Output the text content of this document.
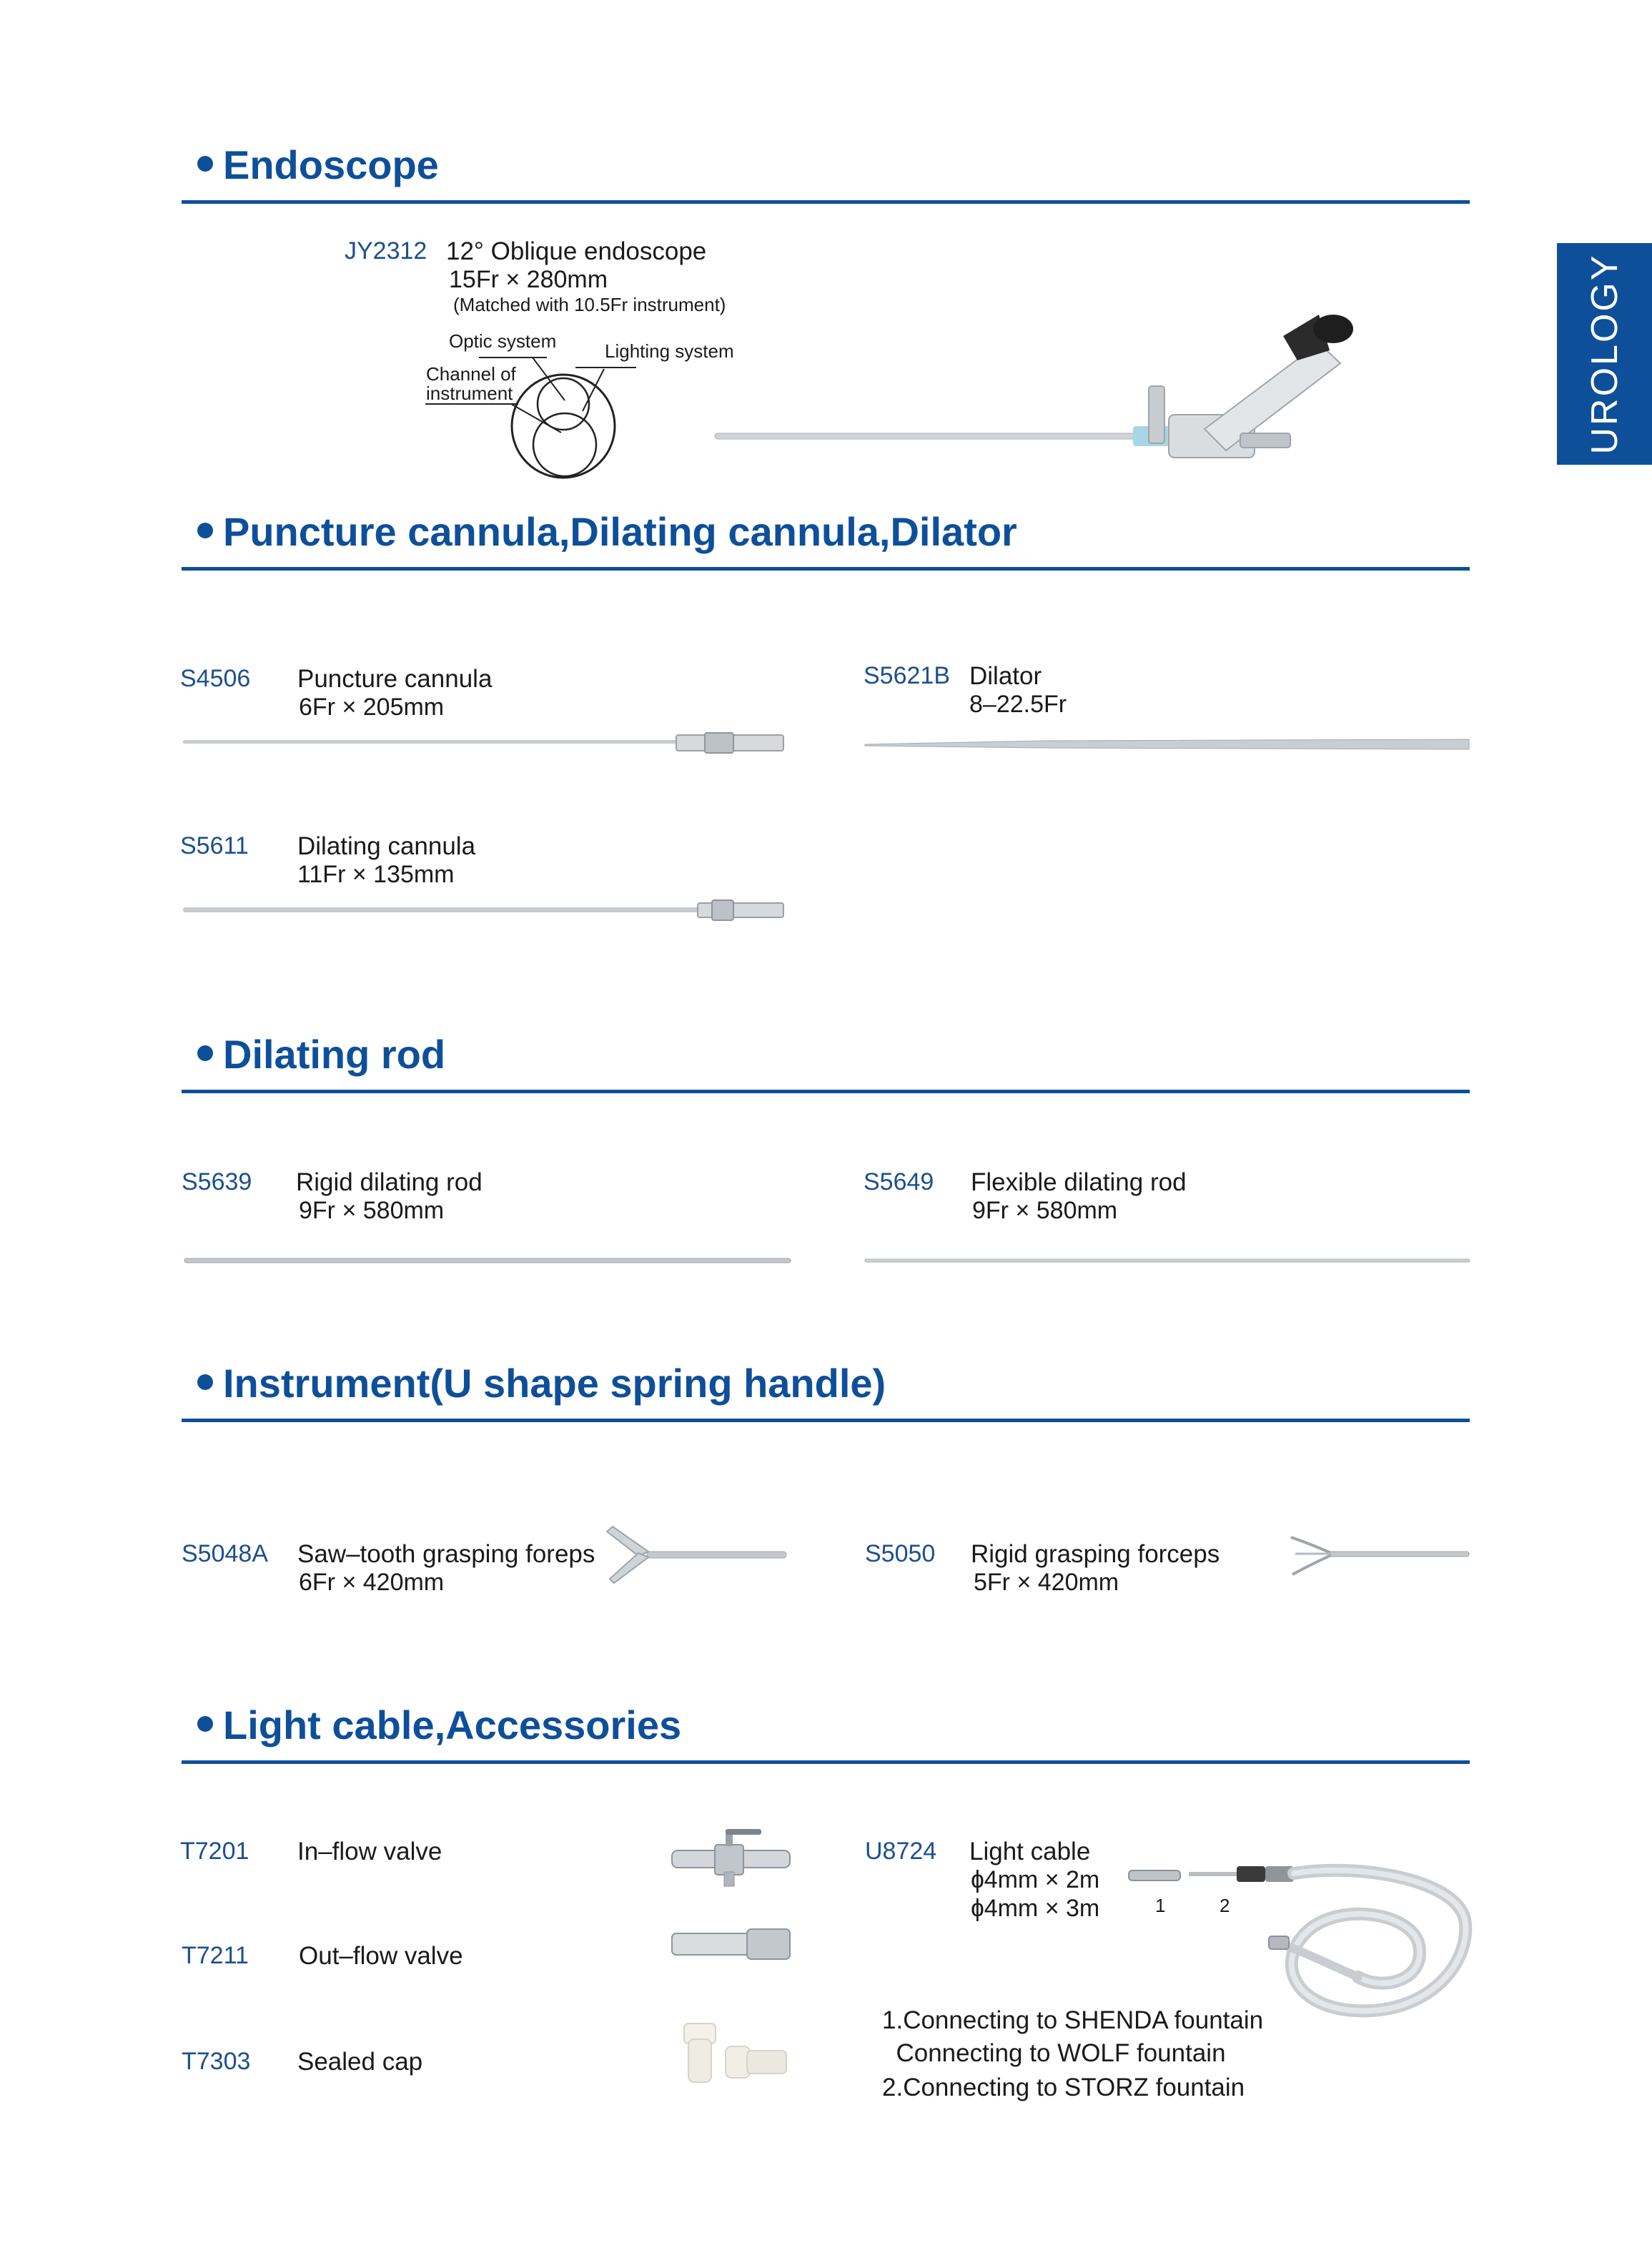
UROLOGY
Endoscope
JY2312 12° Oblique endoscope
15Fr × 280mm
(Matched with 10.5Fr instrument)
Optic system	Lighting system
Channel of
instrument
Puncture cannula,Dilating cannula,Dilator
S4506 Puncture cannula
6Fr × 205mm
S5621B Dilator
8–22.5Fr
S5611 Dilating cannula
11Fr × 135mm
Dilating rod
S5639 Rigid dilating rod
9Fr × 580mm
S5649 Flexible dilating rod
9Fr × 580mm
Instrument(U shape spring handle)
S5048A Saw–tooth grasping foreps
6Fr × 420mm
S5050 Rigid grasping forceps
5Fr × 420mm
Light cable,Accessories
T7201 In–flow valve
T7211 Out–flow valve
T7303 Sealed cap
U8724 Light cable
ɸ4mm × 2m
ɸ4mm × 3m	1	2
1.Connecting to SHENDA fountain
Connecting to WOLF fountain
2.Connecting to STORZ fountain
